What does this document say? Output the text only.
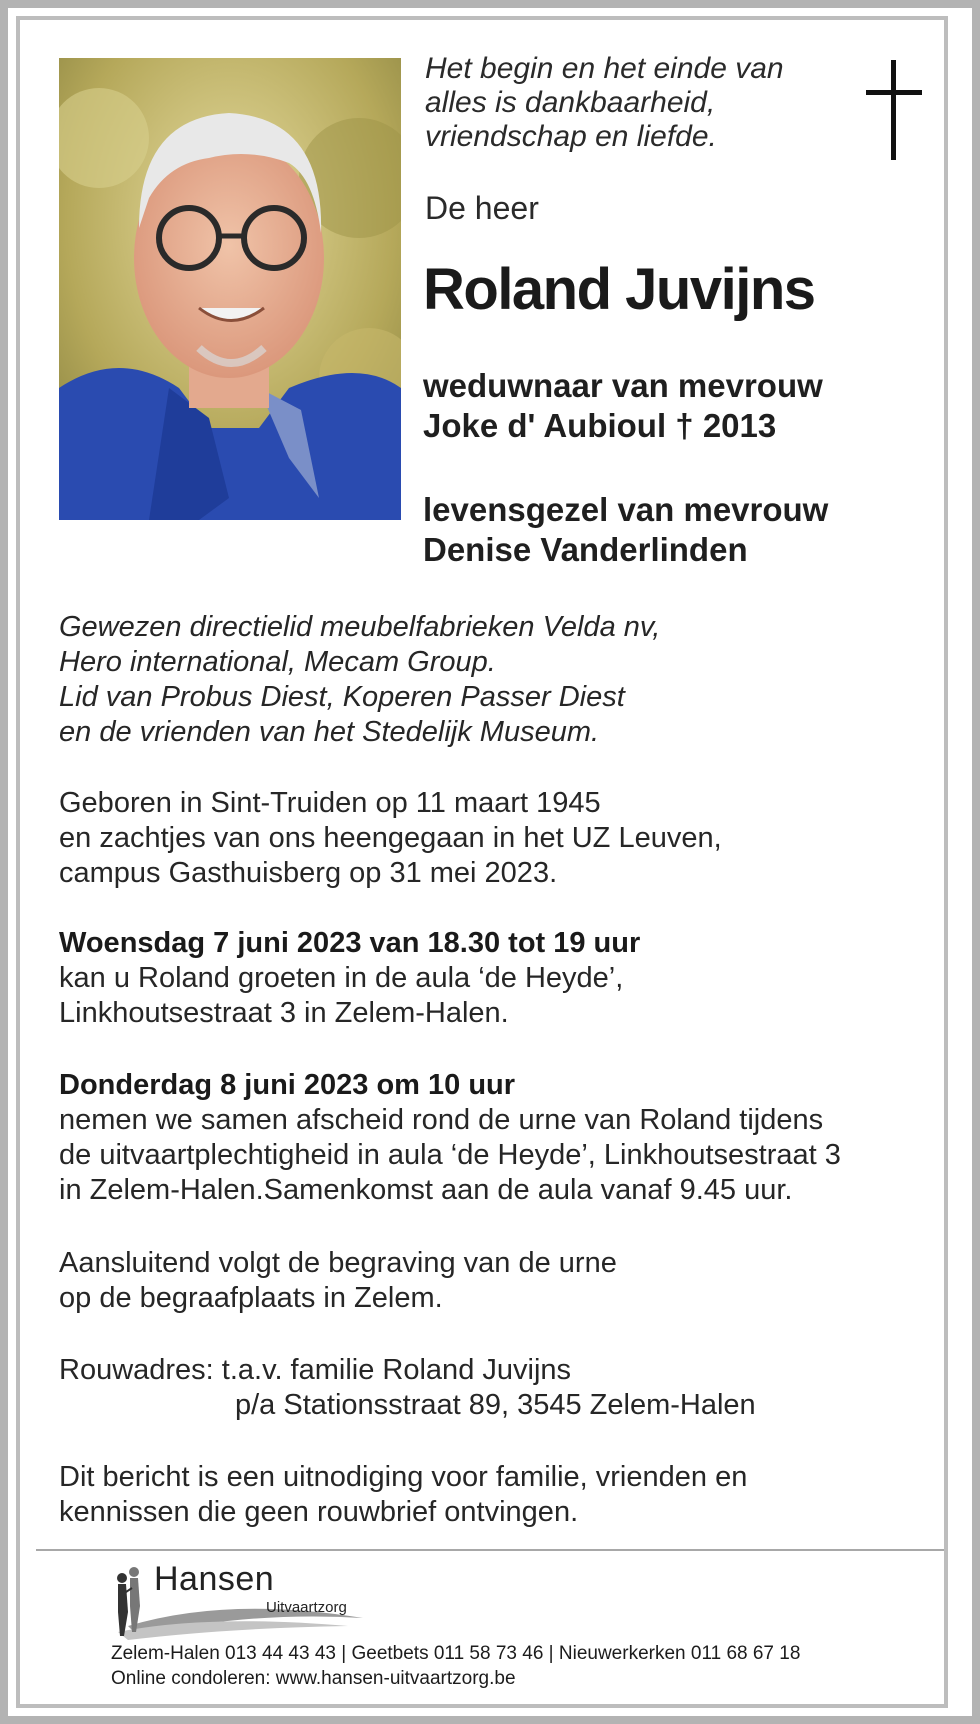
Het begin en het einde van
alles is dankbaarheid,
vriendschap en liefde.
De heer
Roland Juvijns
weduwnaar van mevrouw
Joke d' Aubioul † 2013
levensgezel van mevrouw
Denise Vanderlinden
Gewezen directielid meubelfabrieken Velda nv,
Hero international, Mecam Group.
Lid van Probus Diest, Koperen Passer Diest
en de vrienden van het Stedelijk Museum.
Geboren in Sint-Truiden op 11 maart 1945
en zachtjes van ons heengegaan in het UZ Leuven,
campus Gasthuisberg op 31 mei 2023.
Woensdag 7 juni 2023 van 18.30 tot 19 uur
kan u Roland groeten in de aula ‘de Heyde’,
Linkhoutsestraat 3 in Zelem-Halen.
Donderdag 8 juni 2023 om 10 uur
nemen we samen afscheid rond de urne van Roland tijdens
de uitvaartplechtigheid in aula ‘de Heyde’, Linkhoutsestraat 3
in Zelem-Halen.Samenkomst aan de aula vanaf 9.45 uur.
Aansluitend volgt de begraving van de urne
op de begraafplaats in Zelem.
Rouwadres: t.a.v. familie Roland Juvijns
p/a Stationsstraat 89, 3545 Zelem-Halen
Dit bericht is een uitnodiging voor familie, vrienden en
kennissen die geen rouwbrief ontvingen.
Hansen
Uitvaartzorg
Zelem-Halen 013 44 43 43 | Geetbets 011 58 73 46 | Nieuwerkerken 011 68 67 18
Online condoleren: www.hansen-uitvaartzorg.be
